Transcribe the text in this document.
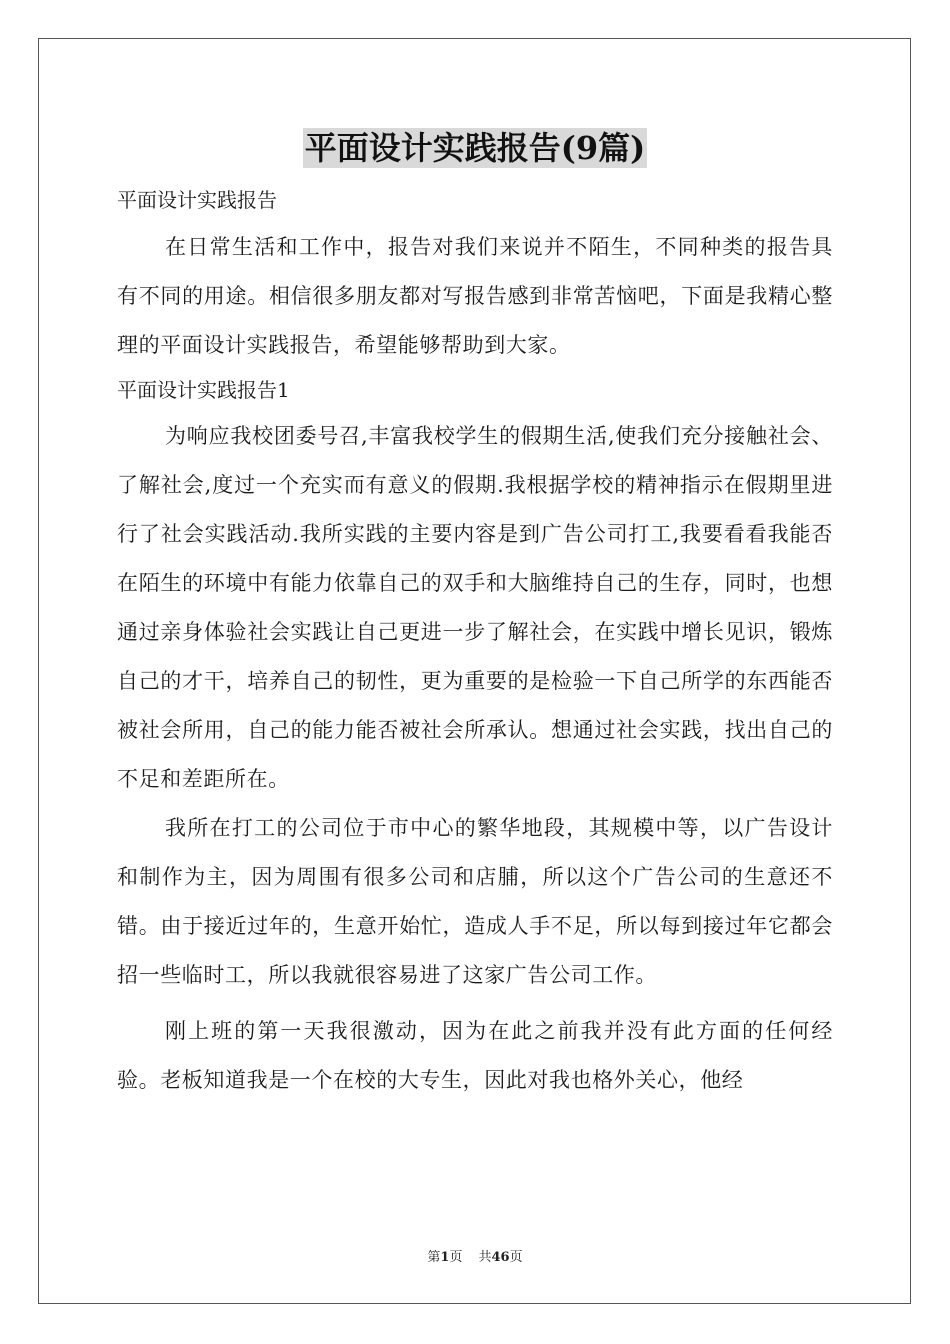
平面设计实践报告(9篇)

平面设计实践报告

在日常生活和工作中，报告对我们来说并不陌生，不同种类的报告具有不同的用途。相信很多朋友都对写报告感到非常苦恼吧，下面是我精心整理的平面设计实践报告，希望能够帮助到大家。

平面设计实践报告1

为响应我校团委号召,丰富我校学生的假期生活,使我们充分接触社会、了解社会,度过一个充实而有意义的假期.我根据学校的精神指示在假期里进行了社会实践活动.我所实践的主要内容是到广告公司打工,我要看看我能否在陌生的环境中有能力依靠自己的双手和大脑维持自己的生存，同时，也想通过亲身体验社会实践让自己更进一步了解社会，在实践中增长见识，锻炼自己的才干，培养自己的韧性，更为重要的是检验一下自己所学的东西能否被社会所用，自己的能力能否被社会所承认。想通过社会实践，找出自己的不足和差距所在。

我所在打工的公司位于市中心的繁华地段，其规模中等，以广告设计和制作为主，因为周围有很多公司和店脯，所以这个广告公司的生意还不错。由于接近过年的，生意开始忙，造成人手不足，所以每到接过年它都会招一些临时工，所以我就很容易进了这家广告公司工作。

刚上班的第一天我很激动，因为在此之前我并没有此方面的任何经验。老板知道我是一个在校的大专生，因此对我也格外关心，他经

第1页 共46页
